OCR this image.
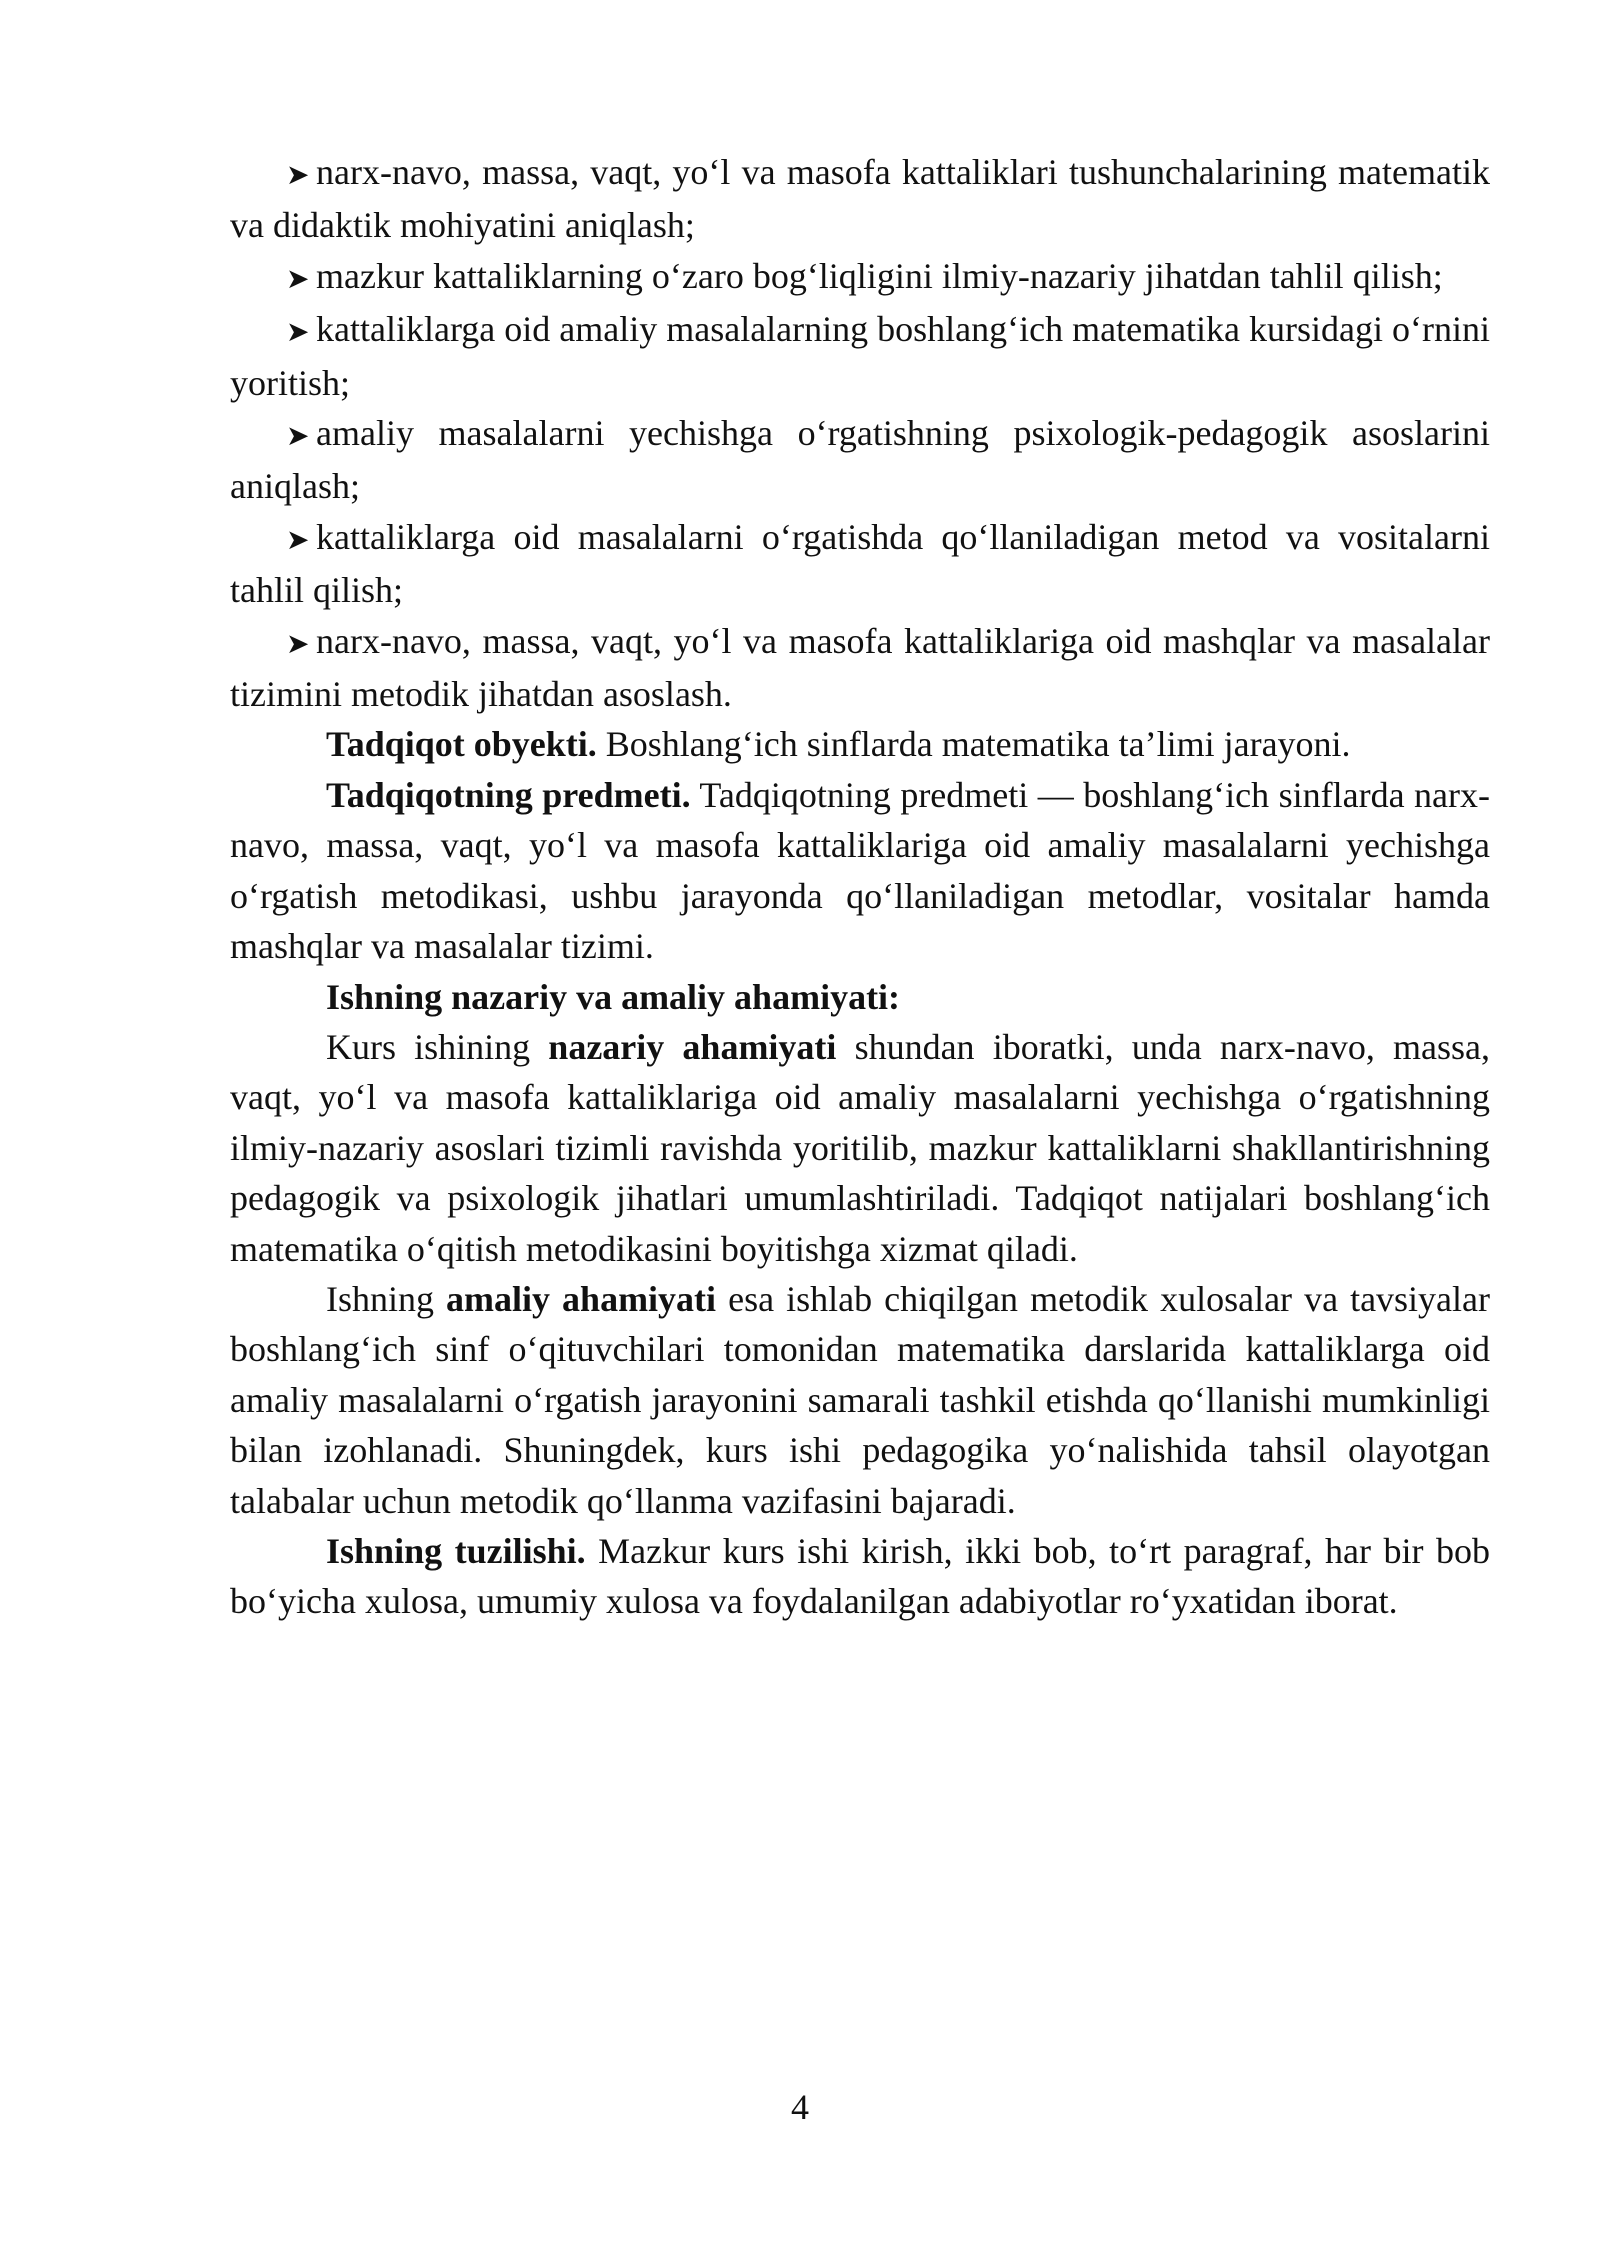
➤ narx-navo, massa, vaqt, yo‘l va masofa kattaliklari tushunchalarining matematik va didaktik mohiyatini aniqlash;

➤ mazkur kattaliklarning o‘zaro bog‘liqligini ilmiy-nazariy jihatdan tahlil qilish;

➤ kattaliklarga oid amaliy masalalarning boshlang‘ich matematika kursidagi o‘rnini yoritish;

➤ amaliy masalalarni yechishga o‘rgatishning psixologik-pedagogik asoslarini aniqlash;

➤ kattaliklarga oid masalalarni o‘rgatishda qo‘llaniladigan metod va vositalarni tahlil qilish;

➤ narx-navo, massa, vaqt, yo‘l va masofa kattaliklariga oid mashqlar va masalalar tizimini metodik jihatdan asoslash.

Tadqiqot obyekti. Boshlang‘ich sinflarda matematika ta’limi jarayoni.

Tadqiqotning predmeti. Tadqiqotning predmeti — boshlang‘ich sinflarda narx-navo, massa, vaqt, yo‘l va masofa kattaliklariga oid amaliy masalalarni yechishga o‘rgatish metodikasi, ushbu jarayonda qo‘llaniladigan metodlar, vositalar hamda mashqlar va masalalar tizimi.

Ishning nazariy va amaliy ahamiyati:

Kurs ishining nazariy ahamiyati shundan iboratki, unda narx-navo, massa, vaqt, yo‘l va masofa kattaliklariga oid amaliy masalalarni yechishga o‘rgatishning ilmiy-nazariy asoslari tizimli ravishda yoritilib, mazkur kattaliklarni shakllantirishning pedagogik va psixologik jihatlari umumlashtiriladi. Tadqiqot natijalari boshlang‘ich matematika o‘qitish metodikasini boyitishga xizmat qiladi.

Ishning amaliy ahamiyati esa ishlab chiqilgan metodik xulosalar va tavsiyalar boshlang‘ich sinf o‘qituvchilari tomonidan matematika darslarida kattaliklarga oid amaliy masalalarni o‘rgatish jarayonini samarali tashkil etishda qo‘llanishi mumkinligi bilan izohlanadi. Shuningdek, kurs ishi pedagogika yo‘nalishida tahsil olayotgan talabalar uchun metodik qo‘llanma vazifasini bajaradi.

Ishning tuzilishi. Mazkur kurs ishi kirish, ikki bob, to‘rt paragraf, har bir bob bo‘yicha xulosa, umumiy xulosa va foydalanilgan adabiyotlar ro‘yxatidan iborat.

4
